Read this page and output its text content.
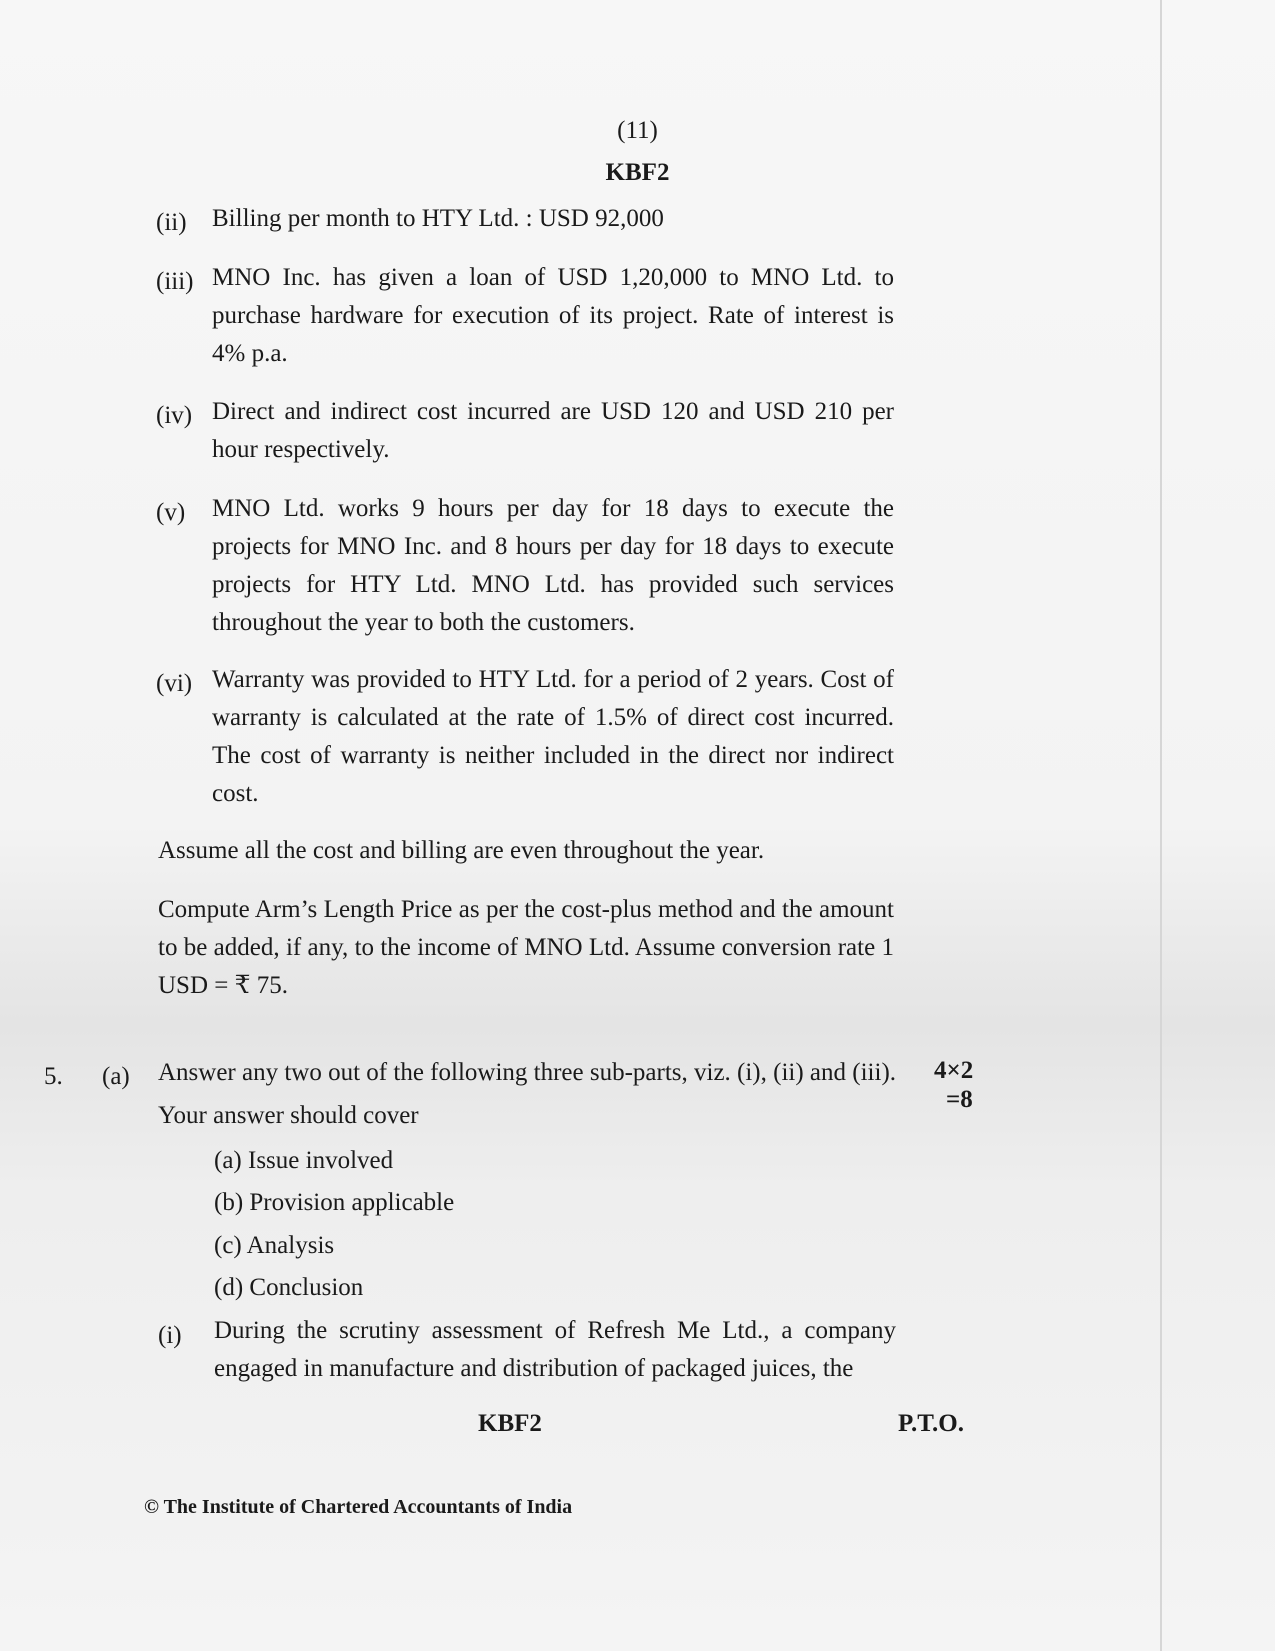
(11)
KBF2
(ii) Billing per month to HTY Ltd. : USD 92,000
(iii) MNO Inc. has given a loan of USD 1,20,000 to MNO Ltd. to purchase hardware for execution of its project. Rate of interest is 4% p.a.
(iv) Direct and indirect cost incurred are USD 120 and USD 210 per hour respectively.
(v) MNO Ltd. works 9 hours per day for 18 days to execute the projects for MNO Inc. and 8 hours per day for 18 days to execute projects for HTY Ltd. MNO Ltd. has provided such services throughout the year to both the customers.
(vi) Warranty was provided to HTY Ltd. for a period of 2 years. Cost of warranty is calculated at the rate of 1.5% of direct cost incurred. The cost of warranty is neither included in the direct nor indirect cost.
Assume all the cost and billing are even throughout the year.
Compute Arm’s Length Price as per the cost-plus method and the amount to be added, if any, to the income of MNO Ltd. Assume conversion rate 1 USD = ₹ 75.
5. (a) Answer any two out of the following three sub-parts, viz. (i), (ii) and (iii).
Your answer should cover
4×2
=8
(a) Issue involved
(b) Provision applicable
(c) Analysis
(d) Conclusion
(i) During the scrutiny assessment of Refresh Me Ltd., a company engaged in manufacture and distribution of packaged juices, the
KBF2	P.T.O.
© The Institute of Chartered Accountants of India
